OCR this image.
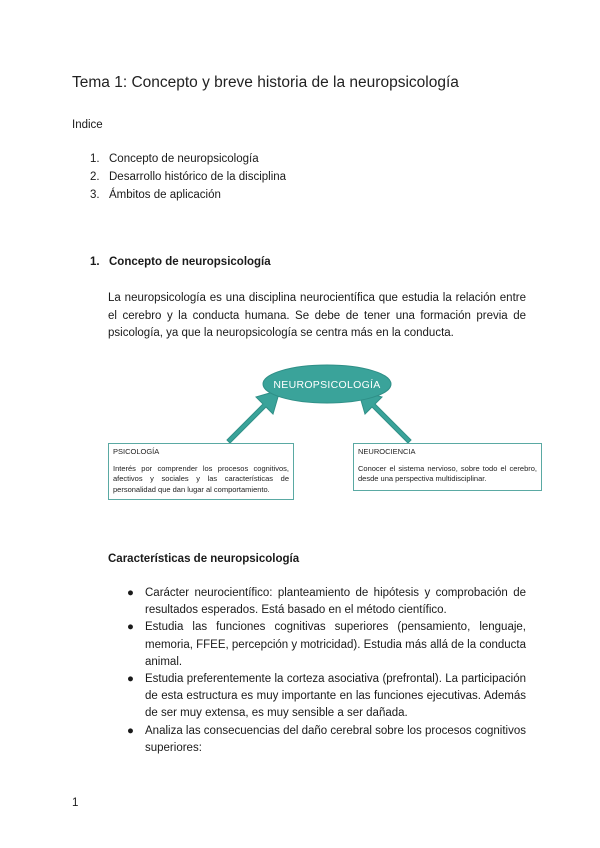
Tema 1: Concepto y breve historia de la neuropsicología
Indice
1. Concepto de neuropsicología
2. Desarrollo histórico de la disciplina
3. Ámbitos de aplicación
1. Concepto de neuropsicología
La neuropsicología es una disciplina neurocientífica que estudia la relación entre el cerebro y la conducta humana. Se debe de tener una formación previa de psicología, ya que la neuropsicología se centra más en la conducta.
NEUROPSICOLOGÍA
PSICOLOGÍA
Interés por comprender los procesos cognitivos, afectivos y sociales y las características de personalidad que dan lugar al comportamiento.
NEUROCIENCIA
Conocer el sistema nervioso, sobre todo el cerebro, desde una perspectiva multidisciplinar.
Características de neuropsicología
● Carácter neurocientífico: planteamiento de hipótesis y comprobación de resultados esperados. Está basado en el método científico.
● Estudia las funciones cognitivas superiores (pensamiento, lenguaje, memoria, FFEE, percepción y motricidad). Estudia más allá de la conducta animal.
● Estudia preferentemente la corteza asociativa (prefrontal). La participación de esta estructura es muy importante en las funciones ejecutivas. Además de ser muy extensa, es muy sensible a ser dañada.
● Analiza las consecuencias del daño cerebral sobre los procesos cognitivos superiores:
1
